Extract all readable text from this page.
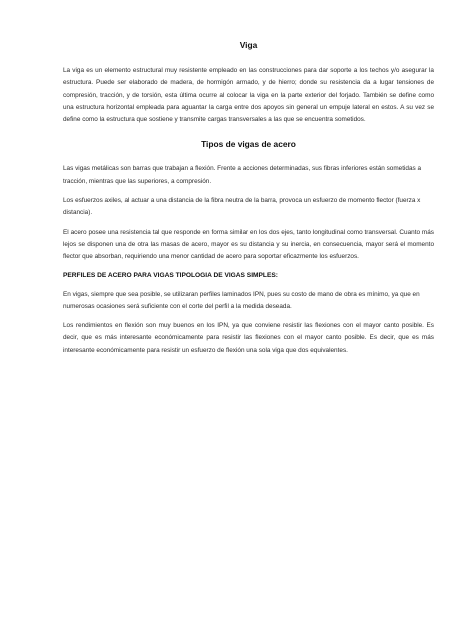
Viga

La viga es un elemento estructural muy resistente empleado en las construcciones para dar soporte a los techos y/o asegurar la estructura. Puede ser elaborado de madera, de hormigón armado, y de hierro; donde su resistencia da a lugar tensiones de compresión, tracción, y de torsión, esta última ocurre al colocar la viga en la parte exterior del forjado. También se define como una estructura horizontal empleada para aguantar la carga entre dos apoyos sin general un empuje lateral en estos. A su vez se define como la estructura que sostiene y transmite cargas transversales a las que se encuentra sometidos.

Tipos de vigas de acero

Las vigas metálicas son barras que trabajan a flexión. Frente a acciones determinadas, sus fibras inferiores están sometidas a tracción, mientras que las superiores, a compresión.

Los esfuerzos axiles, al actuar a una distancia de la fibra neutra de la barra, provoca un esfuerzo de momento flector (fuerza x distancia).

El acero posee una resistencia tal que responde en forma similar en los dos ejes, tanto longitudinal como transversal. Cuanto más lejos se disponen una de otra las masas de acero, mayor es su distancia y su inercia, en consecuencia, mayor será el momento flector que absorban, requiriendo una menor cantidad de acero para soportar eficazmente los esfuerzos.

PERFILES DE ACERO PARA VIGAS TIPOLOGIA DE VIGAS SIMPLES:

En vigas, siempre que sea posible, se utilizaran perfiles laminados IPN, pues su costo de mano de obra es mínimo, ya que en numerosas ocasiones será suficiente con el corte del perfil a la medida deseada.

Los rendimientos en flexión son muy buenos en los IPN, ya que conviene resistir las flexiones con el mayor canto posible. Es decir, que es más interesante económicamente para resistir las flexiones con el mayor canto posible. Es decir, que es más interesante económicamente para resistir un esfuerzo de flexión una sola viga que dos equivalentes.
